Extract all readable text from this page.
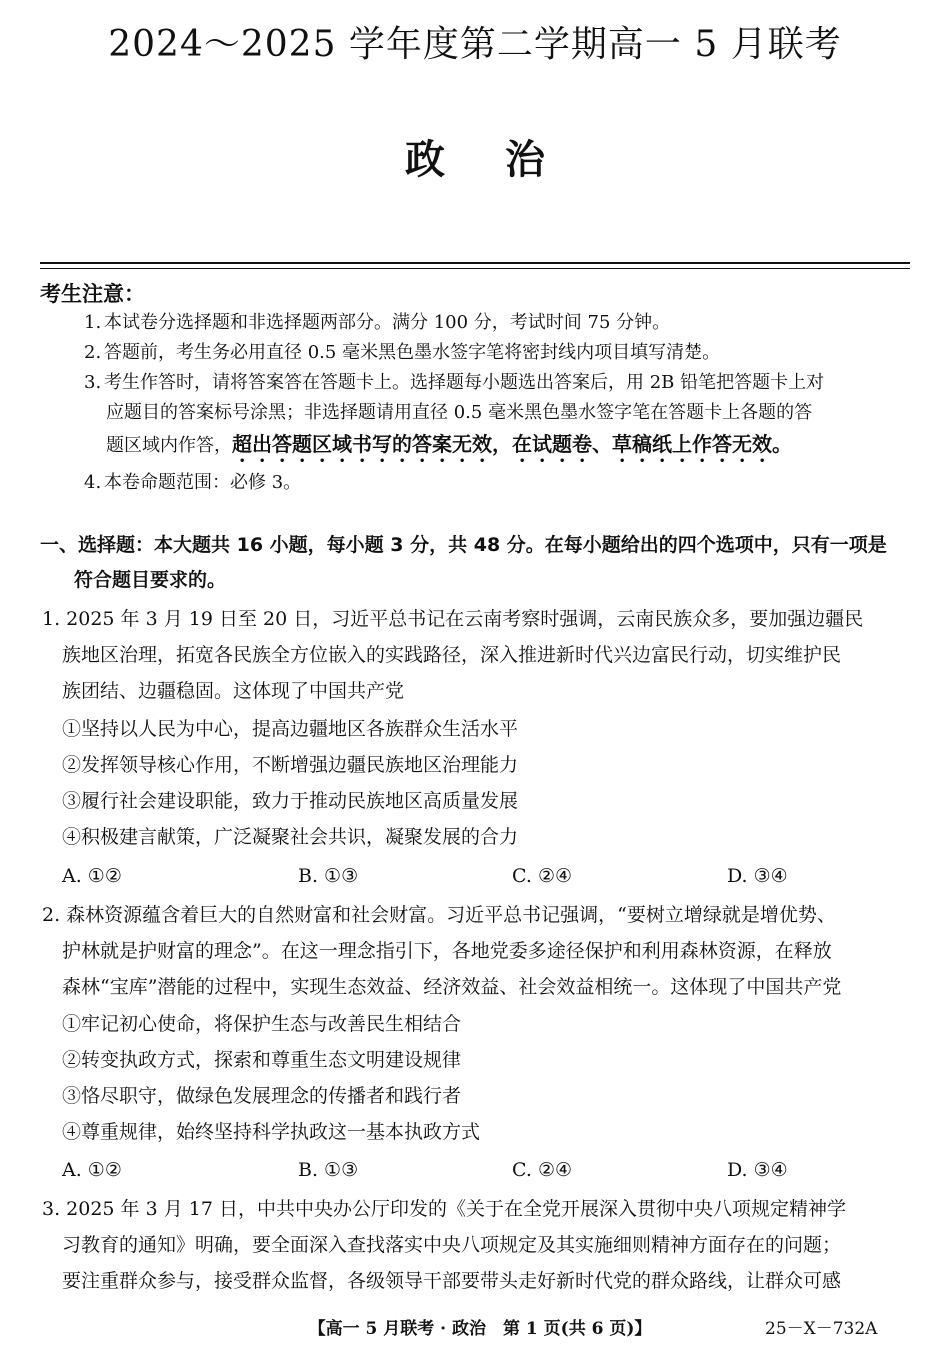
2024～2025 学年度第二学期高一 5 月联考
政治
考生注意：
1. 本试卷分选择题和非选择题两部分。满分 100 分，考试时间 75 分钟。
2. 答题前，考生务必用直径 0.5 毫米黑色墨水签字笔将密封线内项目填写清楚。
3. 考生作答时，请将答案答在答题卡上。选择题每小题选出答案后，用 2B 铅笔把答题卡上对
应题目的答案标号涂黑；非选择题请用直径 0.5 毫米黑色墨水签字笔在答题卡上各题的答
题区域内作答，超出答题区域书写的答案无效，在试题卷、草稿纸上作答无效。
4. 本卷命题范围：必修 3。
一、选择题：本大题共 16 小题，每小题 3 分，共 48 分。在每小题给出的四个选项中，只有一项是
符合题目要求的。
1. 2025 年 3 月 19 日至 20 日，习近平总书记在云南考察时强调，云南民族众多，要加强边疆民
族地区治理，拓宽各民族全方位嵌入的实践路径，深入推进新时代兴边富民行动，切实维护民
族团结、边疆稳固。这体现了中国共产党
①坚持以人民为中心，提高边疆地区各族群众生活水平
②发挥领导核心作用，不断增强边疆民族地区治理能力
③履行社会建设职能，致力于推动民族地区高质量发展
④积极建言献策，广泛凝聚社会共识，凝聚发展的合力
A. ①②	B. ①③	C. ②④	D. ③④
2. 森林资源蕴含着巨大的自然财富和社会财富。习近平总书记强调，“要树立增绿就是增优势、
护林就是护财富的理念”。在这一理念指引下，各地党委多途径保护和利用森林资源，在释放
森林“宝库”潜能的过程中，实现生态效益、经济效益、社会效益相统一。这体现了中国共产党
①牢记初心使命，将保护生态与改善民生相结合
②转变执政方式，探索和尊重生态文明建设规律
③恪尽职守，做绿色发展理念的传播者和践行者
④尊重规律，始终坚持科学执政这一基本执政方式
A. ①②	B. ①③	C. ②④	D. ③④
3. 2025 年 3 月 17 日，中共中央办公厅印发的《关于在全党开展深入贯彻中央八项规定精神学
习教育的通知》明确，要全面深入查找落实中央八项规定及其实施细则精神方面存在的问题；
要注重群众参与，接受群众监督，各级领导干部要带头走好新时代党的群众路线，让群众可感
【高一 5 月联考 · 政治　第 1 页(共 6 页)】	25－X－732A
